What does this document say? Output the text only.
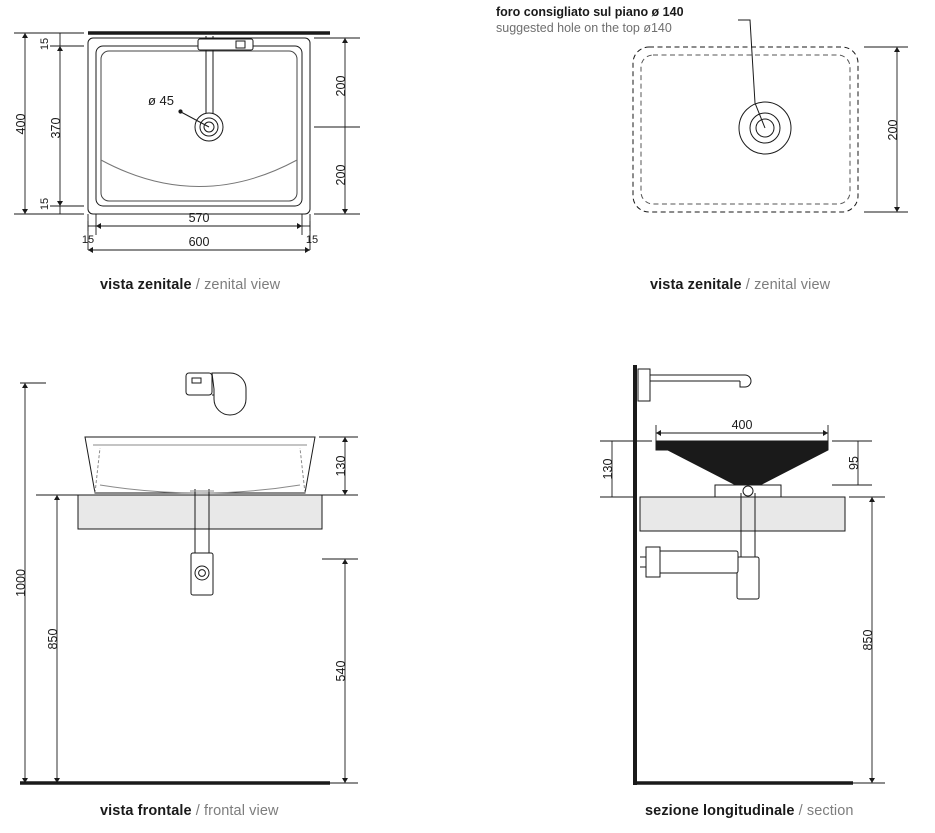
400 370
15
15
ø 45
200
200
570
15	15
600
vista zenitale / zenital view
200
foro consigliato sul piano ø 140
suggested hole on the top ø140
vista zenitale / zenital view
1000
850
130
540
vista frontale / frontal view
400
130	95
850
sezione longitudinale / section
